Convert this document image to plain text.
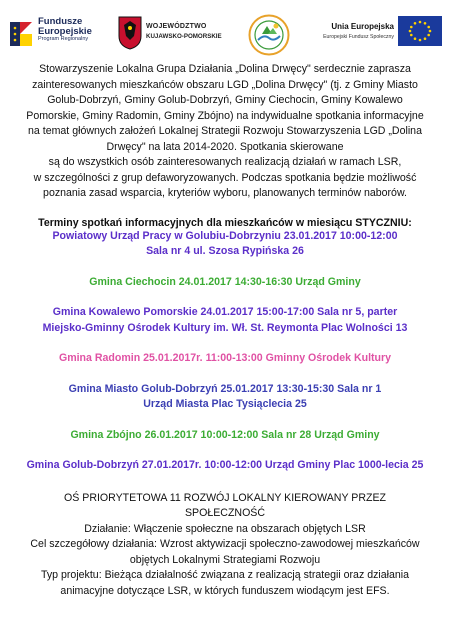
Fundusze
Europejskie
Program Regionalny
WOJEWÓDZTWO
KUJAWSKO-POMORSKIE
Unia Europejska
Europejski Fundusz Społeczny

Stowarzyszenie Lokalna Grupa Działania „Dolina Drwęcy" serdecznie zaprasza
zainteresowanych mieszkańców obszaru LGD „Dolina Drwęcy" (tj. z Gminy Miasto
Golub-Dobrzyń, Gminy Golub-Dobrzyń, Gminy Ciechocin, Gminy Kowalewo
Pomorskie, Gminy Radomin, Gminy Zbójno) na indywidualne spotkania informacyjne
na temat głównych założeń Lokalnej Strategii Rozwoju Stowarzyszenia LGD „Dolina
Drwęcy" na lata 2014-2020. Spotkania skierowane
są do wszystkich osób zainteresowanych realizacją działań w ramach LSR,
w szczególności z grup defaworyzowanych. Podczas spotkania będzie możliwość
poznania zasad wsparcia, kryteriów wyboru, planowanych terminów naborów.

Terminy spotkań informacyjnych dla mieszkańców w miesiącu STYCZNIU:

Powiatowy Urząd Pracy w Golubiu-Dobrzyniu 23.01.2017 10:00-12:00
Sala nr 4 ul. Szosa Rypińska 26

Gmina Ciechocin 24.01.2017 14:30-16:30 Urząd Gminy

Gmina Kowalewo Pomorskie 24.01.2017 15:00-17:00 Sala nr 5, parter
Miejsko-Gminny Ośrodek Kultury im. Wł. St. Reymonta Plac Wolności 13

Gmina Radomin 25.01.2017r. 11:00-13:00 Gminny Ośrodek Kultury

Gmina Miasto Golub-Dobrzyń 25.01.2017 13:30-15:30 Sala nr 1
Urząd Miasta Plac Tysiąclecia 25

Gmina Zbójno 26.01.2017 10:00-12:00 Sala nr 28 Urząd Gminy

Gmina Golub-Dobrzyń 27.01.2017r. 10:00-12:00 Urząd Gminy Plac 1000-lecia 25

OŚ PRIORYTETOWA 11 ROZWÓJ LOKALNY KIEROWANY PRZEZ
SPOŁECZNOŚĆ
Działanie: Włączenie społeczne na obszarach objętych LSR
Cel szczegółowy działania: Wzrost aktywizacji społeczno-zawodowej mieszkańców
objętych Lokalnymi Strategiami Rozwoju
Typ projektu: Bieżąca działalność związana z realizacją strategii oraz działania
animacyjne dotyczące LSR, w których funduszem wiodącym jest EFS.
